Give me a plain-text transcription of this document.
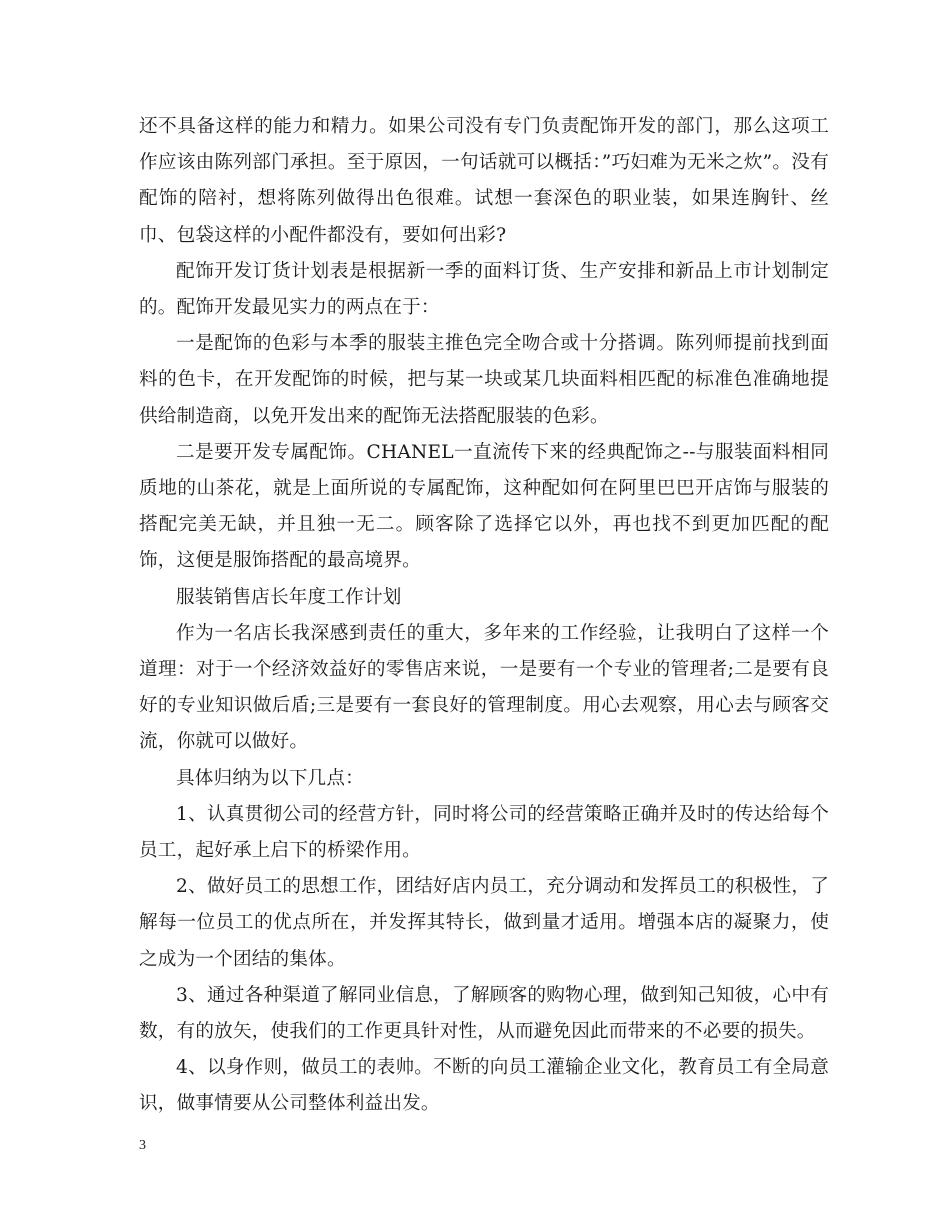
还不具备这样的能力和精力。如果公司没有专门负责配饰开发的部门，那么这项工作应该由陈列部门承担。至于原因，一句话就可以概括：”巧妇难为无米之炊”。没有配饰的陪衬，想将陈列做得出色很难。试想一套深色的职业装，如果连胸针、丝巾、包袋这样的小配件都没有，要如何出彩?

配饰开发订货计划表是根据新一季的面料订货、生产安排和新品上市计划制定的。配饰开发最见实力的两点在于：

一是配饰的色彩与本季的服装主推色完全吻合或十分搭调。陈列师提前找到面料的色卡，在开发配饰的时候，把与某一块或某几块面料相匹配的标准色准确地提供给制造商，以免开发出来的配饰无法搭配服装的色彩。

二是要开发专属配饰。CHANEL一直流传下来的经典配饰之--与服装面料相同质地的山茶花，就是上面所说的专属配饰，这种配如何在阿里巴巴开店饰与服装的搭配完美无缺，并且独一无二。顾客除了选择它以外，再也找不到更加匹配的配饰，这便是服饰搭配的最高境界。

服装销售店长年度工作计划

作为一名店长我深感到责任的重大，多年来的工作经验，让我明白了这样一个道理：对于一个经济效益好的零售店来说，一是要有一个专业的管理者;二是要有良好的专业知识做后盾;三是要有一套良好的管理制度。用心去观察，用心去与顾客交流，你就可以做好。

具体归纳为以下几点：

1、认真贯彻公司的经营方针，同时将公司的经营策略正确并及时的传达给每个员工，起好承上启下的桥梁作用。

2、做好员工的思想工作，团结好店内员工，充分调动和发挥员工的积极性，了解每一位员工的优点所在，并发挥其特长，做到量才适用。增强本店的凝聚力，使之成为一个团结的集体。

3、通过各种渠道了解同业信息，了解顾客的购物心理，做到知己知彼，心中有数，有的放矢，使我们的工作更具针对性，从而避免因此而带来的不必要的损失。

4、以身作则，做员工的表帅。不断的向员工灌输企业文化，教育员工有全局意识，做事情要从公司整体利益出发。

3
